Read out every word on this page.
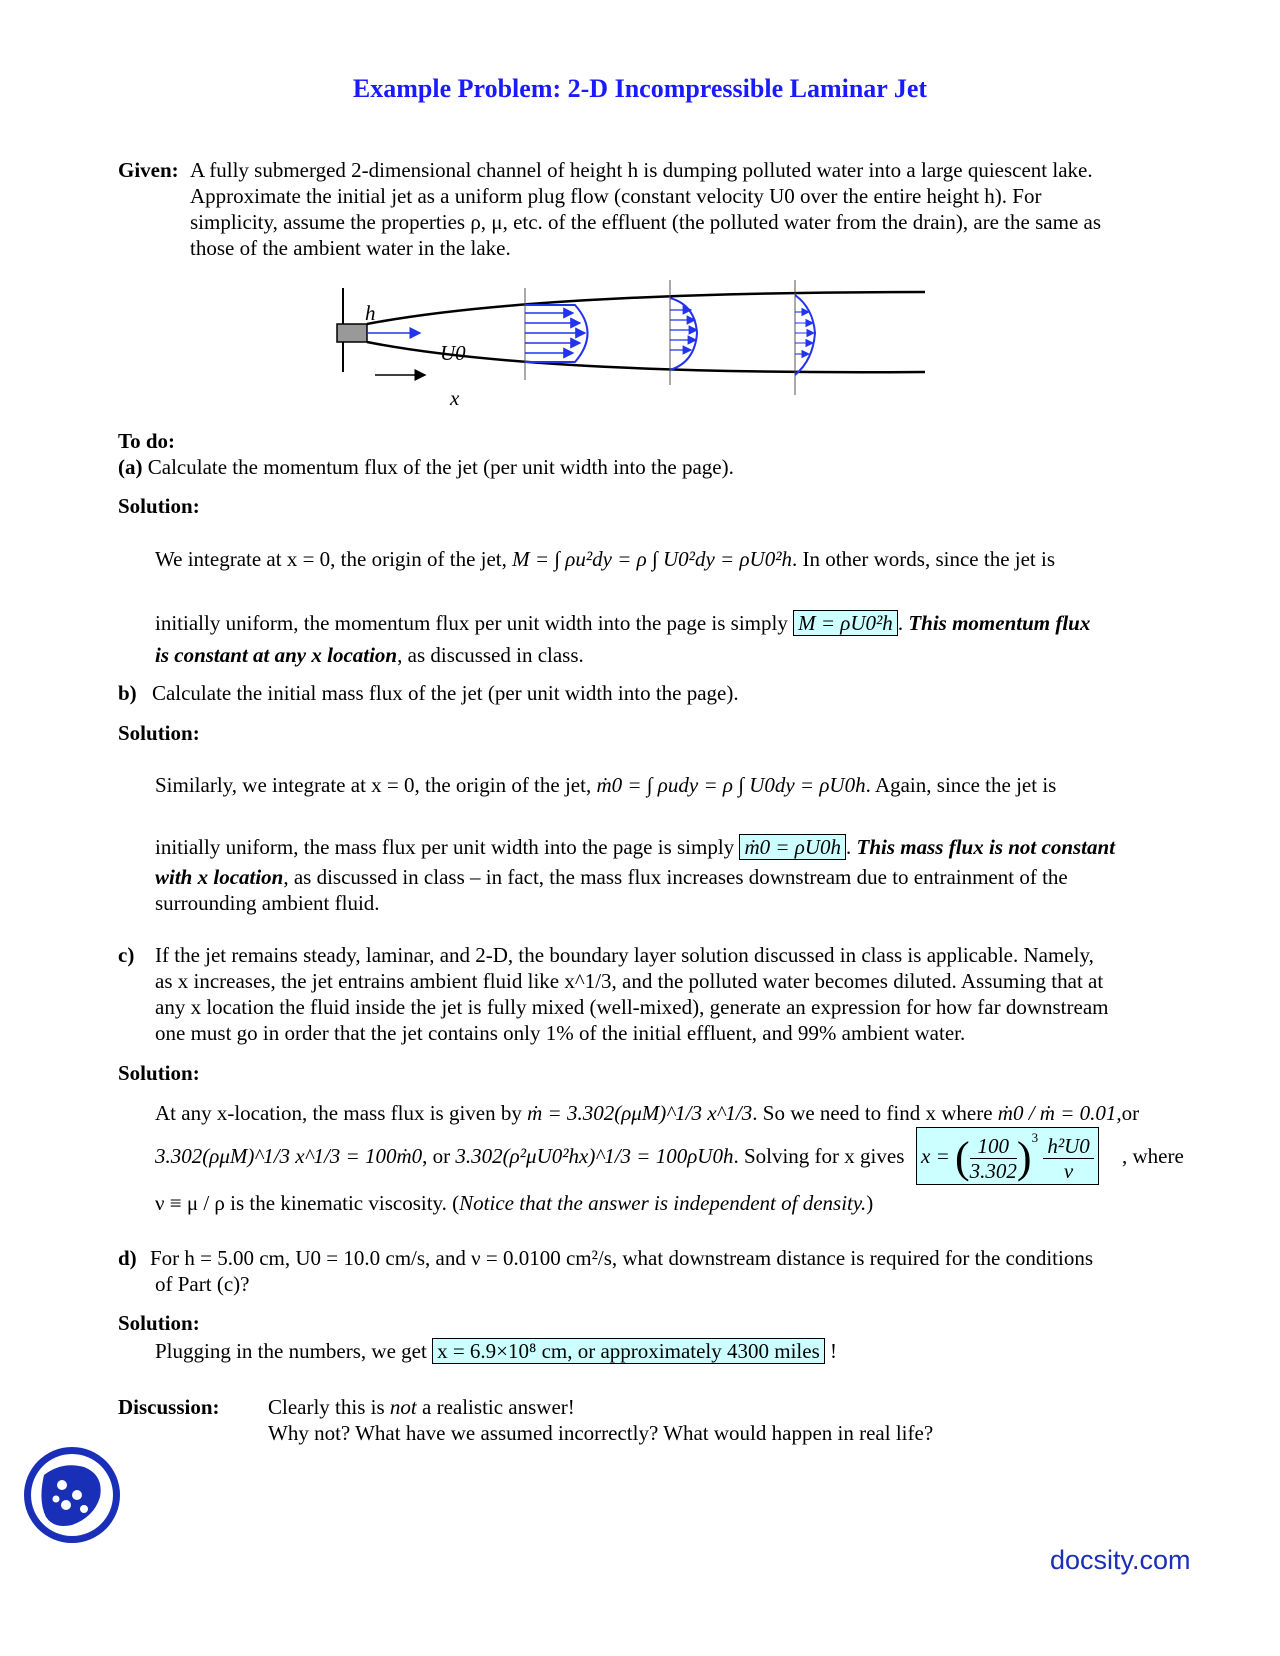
Example Problem: 2-D Incompressible Laminar Jet
Given: A fully submerged 2-dimensional channel of height h is dumping polluted water into a large quiescent lake.
Approximate the initial jet as a uniform plug flow (constant velocity U0 over the entire height h). For
simplicity, assume the properties ρ, μ, etc. of the effluent (the polluted water from the drain), are the same as
those of the ambient water in the lake.
h
U0
x
To do:
(a) Calculate the momentum flux of the jet (per unit width into the page).
Solution:
We integrate at x = 0, the origin of the jet, M = ∫ ρu²dy = ρ ∫ U0²dy = ρU0²h. In other words, since the jet is
initially uniform, the momentum flux per unit width into the page is simply M = ρU0²h . This momentum flux
is constant at any x location, as discussed in class.
b) Calculate the initial mass flux of the jet (per unit width into the page).
Solution:
Similarly, we integrate at x = 0, the origin of the jet, ṁ0 = ∫ ρudy = ρ ∫ U0dy = ρU0h. Again, since the jet is
initially uniform, the mass flux per unit width into the page is simply ṁ0 = ρU0h . This mass flux is not constant
with x location, as discussed in class – in fact, the mass flux increases downstream due to entrainment of the
surrounding ambient fluid.
c) If the jet remains steady, laminar, and 2-D, the boundary layer solution discussed in class is applicable. Namely,
as x increases, the jet entrains ambient fluid like x^1/3, and the polluted water becomes diluted. Assuming that at
any x location the fluid inside the jet is fully mixed (well-mixed), generate an expression for how far downstream
one must go in order that the jet contains only 1% of the initial effluent, and 99% ambient water.
Solution:
At any x-location, the mass flux is given by ṁ = 3.302(ρμM)^1/3 x^1/3. So we need to find x where ṁ0 / ṁ = 0.01,or
3.302(ρμM)^1/3 x^1/3 = 100ṁ0, or 3.302(ρ²μU0²hx)^1/3 = 100ρU0h. Solving for x gives x = ( $\frac{100}{3.302} )^3 \frac{\text{h²U0}}{\nu}$ , where
ν ≡ μ / ρ is the kinematic viscosity. (Notice that the answer is independent of density.)
d) For h = 5.00 cm, U0 = 10.0 cm/s, and ν = 0.0100 cm²/s, what downstream distance is required for the conditions
of Part (c)?
Solution:
Plugging in the numbers, we get x = 6.9×10⁸ cm, or approximately 4300 miles !
Discussion: Clearly this is not a realistic answer!
Why not? What have we assumed incorrectly? What would happen in real life?
docsity.com
